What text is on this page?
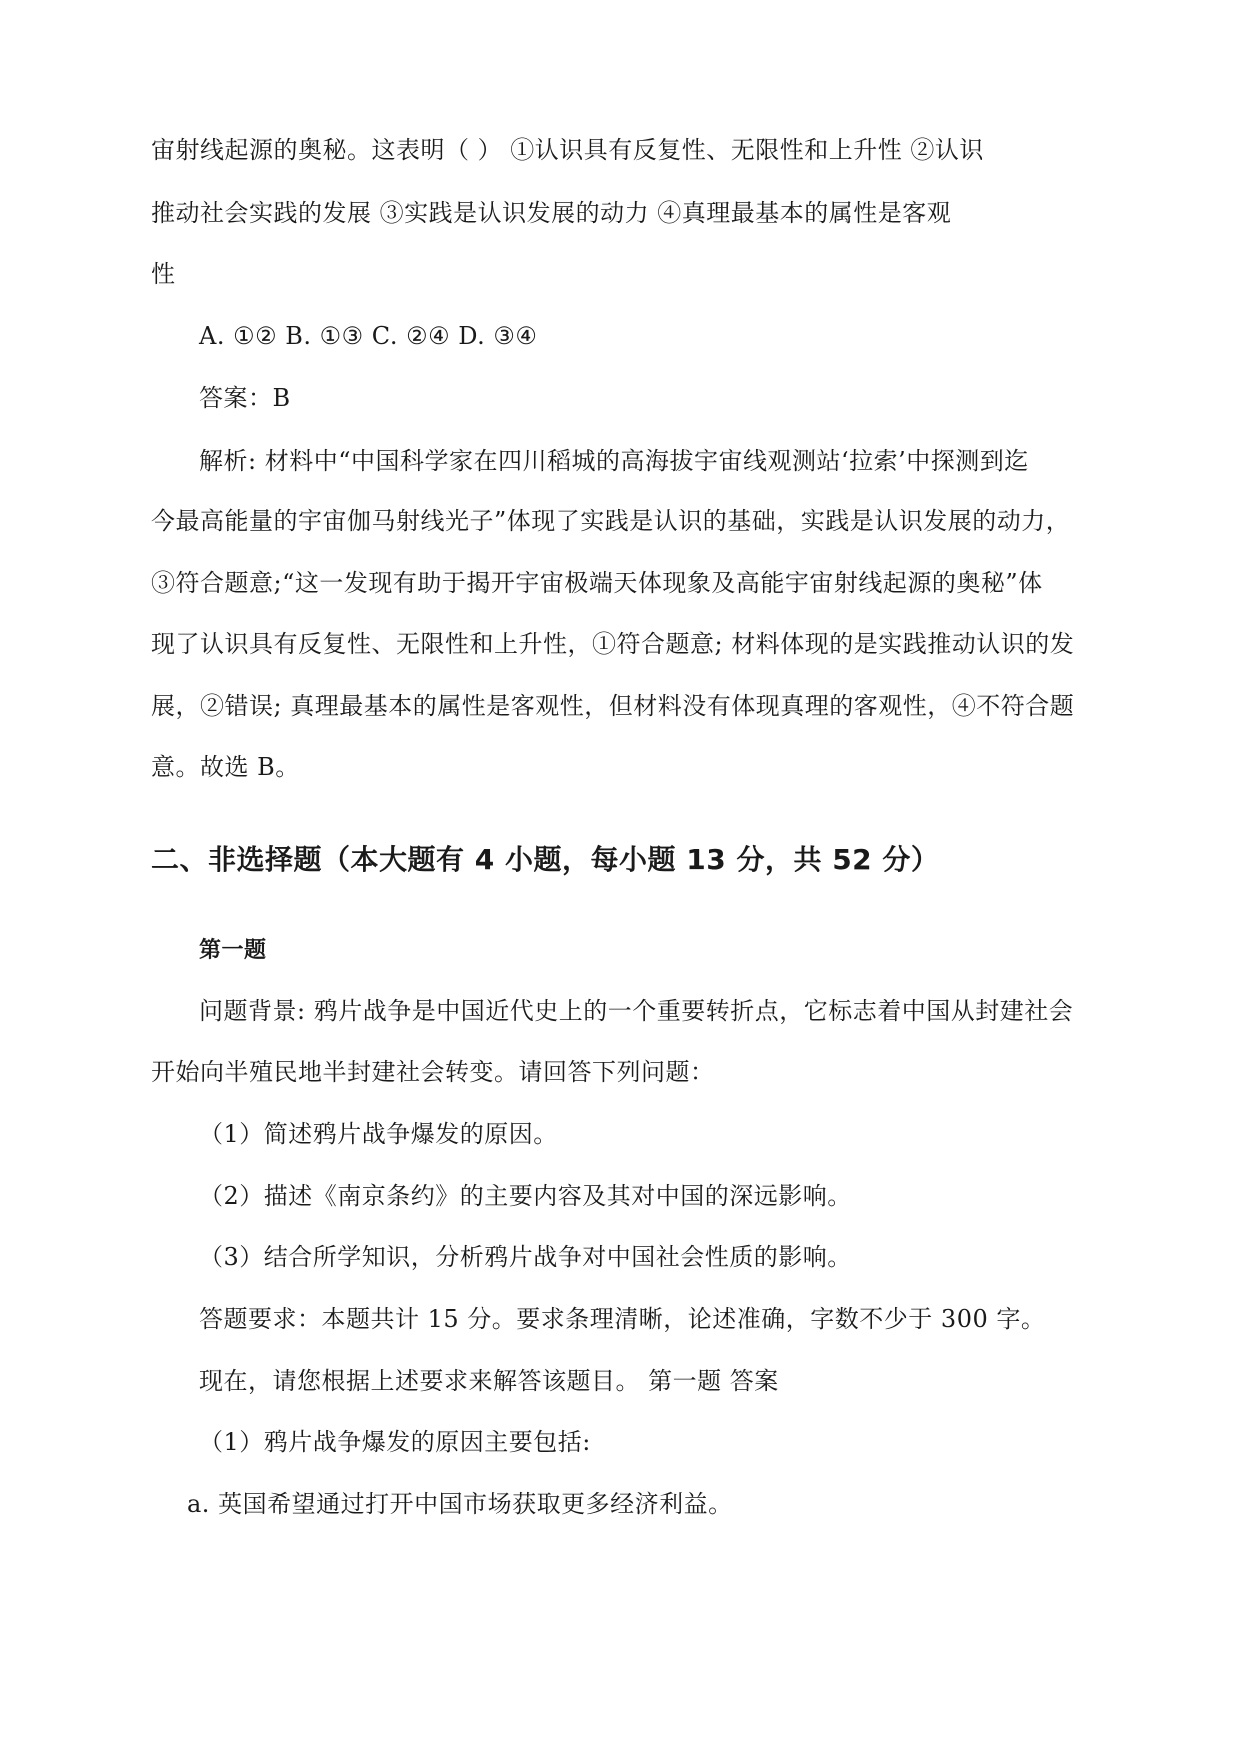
宙射线起源的奥秘。这表明（ ） ①认识具有反复性、无限性和上升性 ②认识
推动社会实践的发展 ③实践是认识发展的动力 ④真理最基本的属性是客观
性
A. ①② B. ①③ C. ②④ D. ③④
答案：B
解析: 材料中“中国科学家在四川稻城的高海拔宇宙线观测站‘拉索’中探测到迄
今最高能量的宇宙伽马射线光子”体现了实践是认识的基础，实践是认识发展的动力，
③符合题意;“这一发现有助于揭开宇宙极端天体现象及高能宇宙射线起源的奥秘”体
现了认识具有反复性、无限性和上升性，①符合题意; 材料体现的是实践推动认识的发
展，②错误; 真理最基本的属性是客观性，但材料没有体现真理的客观性，④不符合题
意。故选 B。
二、非选择题（本大题有 4 小题，每小题 13 分，共 52 分）
第一题
问题背景: 鸦片战争是中国近代史上的一个重要转折点，它标志着中国从封建社会
开始向半殖民地半封建社会转变。请回答下列问题：
（1）简述鸦片战争爆发的原因。
（2）描述《南京条约》的主要内容及其对中国的深远影响。
（3）结合所学知识，分析鸦片战争对中国社会性质的影响。
答题要求：本题共计 15 分。要求条理清晰，论述准确，字数不少于 300 字。
现在，请您根据上述要求来解答该题目。 第一题 答案
（1）鸦片战争爆发的原因主要包括:
a. 英国希望通过打开中国市场获取更多经济利益。
